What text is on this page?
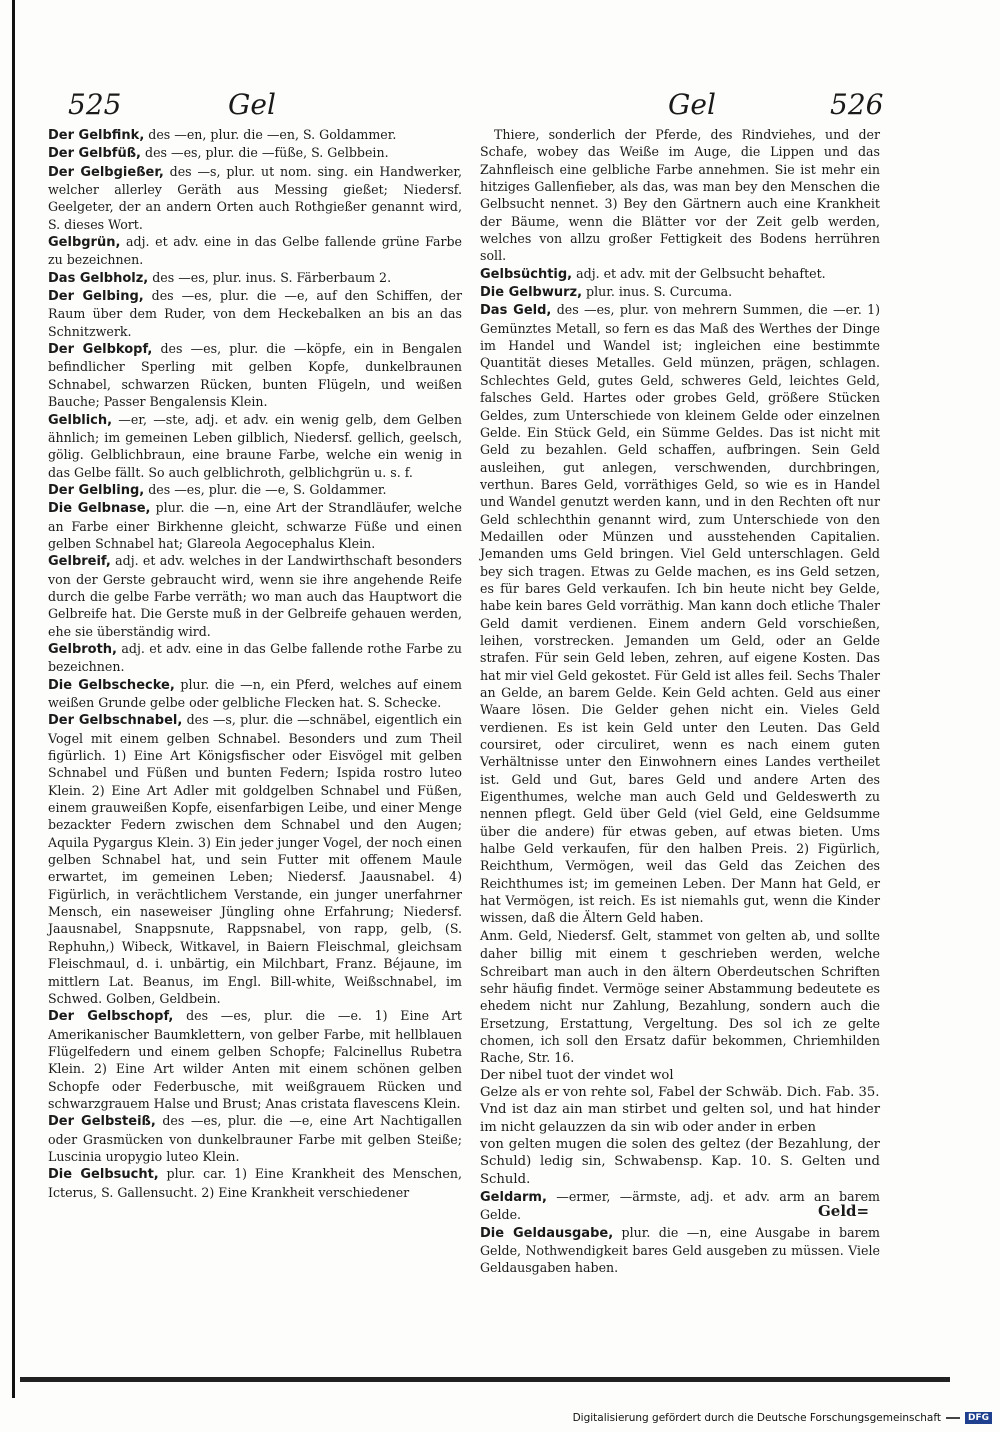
525	Gel	Gel	526

Der Gelbfink, des —en, plur. die —en, S. Goldammer.

Der Gelbfüß, des —es, plur. die —füße, S. Gelbbein.

Der Gelbgießer, des —s, plur. ut nom. sing. ein Handwerker, welcher allerley Geräth aus Messing gießet; Niedersf. Geelgeter, der an andern Orten auch Rothgießer genannt wird, S. dieses Wort.

Gelbgrün, adj. et adv. eine in das Gelbe fallende grüne Farbe zu bezeichnen.

Das Gelbholz, des —es, plur. inus. S. Färberbaum 2.

Der Gelbing, des —es, plur. die —e, auf den Schiffen, der Raum über dem Ruder, von dem Heckebalken an bis an das Schnitzwerk.

Der Gelbkopf, des —es, plur. die —köpfe, ein in Bengalen befindlicher Sperling mit gelben Kopfe, dunkelbraunen Schnabel, schwarzen Rücken, bunten Flügeln, und weißen Bauche; Passer Bengalensis Klein.

Gelblich, —er, —ste, adj. et adv. ein wenig gelb, dem Gelben ähnlich; im gemeinen Leben gilblich, Niedersf. gellich, geelsch, gölig. Gelblichbraun, eine braune Farbe, welche ein wenig in das Gelbe fällt. So auch gelblichroth, gelblichgrün u. s. f.

Der Gelbling, des —es, plur. die —e, S. Goldammer.

Die Gelbnase, plur. die —n, eine Art der Strandläufer, welche an Farbe einer Birkhenne gleicht, schwarze Füße und einen gelben Schnabel hat; Glareola Aegocephalus Klein.

Gelbreif, adj. et adv. welches in der Landwirthschaft besonders von der Gerste gebraucht wird, wenn sie ihre angehende Reife durch die gelbe Farbe verräth; wo man auch das Hauptwort die Gelbreife hat. Die Gerste muß in der Gelbreife gehauen werden, ehe sie überständig wird.

Gelbroth, adj. et adv. eine in das Gelbe fallende rothe Farbe zu bezeichnen.

Die Gelbschecke, plur. die —n, ein Pferd, welches auf einem weißen Grunde gelbe oder gelbliche Flecken hat. S. Schecke.

Der Gelbschnabel, des —s, plur. die —schnäbel, eigentlich ein Vogel mit einem gelben Schnabel. Besonders und zum Theil figürlich. 1) Eine Art Königsfischer oder Eisvögel mit gelben Schnabel und Füßen und bunten Federn; Ispida rostro luteo Klein. 2) Eine Art Adler mit goldgelben Schnabel und Füßen, einem grauweißen Kopfe, eisenfarbigen Leibe, und einer Menge bezackter Federn zwischen dem Schnabel und den Augen; Aquila Pygargus Klein. 3) Ein jeder junger Vogel, der noch einen gelben Schnabel hat, und sein Futter mit offenem Maule erwartet, im gemeinen Leben; Niedersf. Jaausnabel. 4) Figürlich, in verächtlichem Verstande, ein junger unerfahrner Mensch, ein naseweiser Jüngling ohne Erfahrung; Niedersf. Jaausnabel, Snappsnute, Rappsnabel, von rapp, gelb, (S. Rephuhn,) Wibeck, Witkavel, in Baiern Fleischmal, gleichsam Fleischmaul, d. i. unbärtig, ein Milchbart, Franz. Béjaune, im mittlern Lat. Beanus, im Engl. Bill-white, Weißschnabel, im Schwed. Golben, Geldbein.

Der Gelbschopf, des —es, plur. die —e. 1) Eine Art Amerikanischer Baumklettern, von gelber Farbe, mit hellblauen Flügelfedern und einem gelben Schopfe; Falcinellus Rubetra Klein. 2) Eine Art wilder Anten mit einem schönen gelben Schopfe oder Federbusche, mit weißgrauem Rücken und schwarzgrauem Halse und Brust; Anas cristata flavescens Klein.

Der Gelbsteiß, des —es, plur. die —e, eine Art Nachtigallen oder Grasmücken von dunkelbrauner Farbe mit gelben Steiße; Luscinia uropygio luteo Klein.

Die Gelbsucht, plur. car. 1) Eine Krankheit des Menschen, Icterus, S. Gallensucht. 2) Eine Krankheit verschiedener

Thiere, sonderlich der Pferde, des Rindviehes, und der Schafe, wobey das Weiße im Auge, die Lippen und das Zahnfleisch eine gelbliche Farbe annehmen. Sie ist mehr ein hitziges Gallenfieber, als das, was man bey den Menschen die Gelbsucht nennet. 3) Bey den Gärtnern auch eine Krankheit der Bäume, wenn die Blätter vor der Zeit gelb werden, welches von allzu großer Fettigkeit des Bodens herrühren soll.

Gelbsüchtig, adj. et adv. mit der Gelbsucht behaftet.

Die Gelbwurz, plur. inus. S. Curcuma.

Das Geld, des —es, plur. von mehrern Summen, die —er. 1) Gemünztes Metall, so fern es das Maß des Werthes der Dinge im Handel und Wandel ist; ingleichen eine bestimmte Quantität dieses Metalles. Geld münzen, prägen, schlagen. Schlechtes Geld, gutes Geld, schweres Geld, leichtes Geld, falsches Geld. Hartes oder grobes Geld, größere Stücken Geldes, zum Unterschiede von kleinem Gelde oder einzelnen Gelde. Ein Stück Geld, ein Sümme Geldes. Das ist nicht mit Geld zu bezahlen. Geld schaffen, aufbringen. Sein Geld ausleihen, gut anlegen, verschwenden, durchbringen, verthun. Bares Geld, vorräthiges Geld, so wie es in Handel und Wandel genutzt werden kann, und in den Rechten oft nur Geld schlechthin genannt wird, zum Unterschiede von den Medaillen oder Münzen und ausstehenden Capitalien. Jemanden ums Geld bringen. Viel Geld unterschlagen. Geld bey sich tragen. Etwas zu Gelde machen, es ins Geld setzen, es für bares Geld verkaufen. Ich bin heute nicht bey Gelde, habe kein bares Geld vorräthig. Man kann doch etliche Thaler Geld damit verdienen. Einem andern Geld vorschießen, leihen, vorstrecken. Jemanden um Geld, oder an Gelde strafen. Für sein Geld leben, zehren, auf eigene Kosten. Das hat mir viel Geld gekostet. Für Geld ist alles feil. Sechs Thaler an Gelde, an barem Gelde. Kein Geld achten. Geld aus einer Waare lösen. Die Gelder gehen nicht ein. Vieles Geld verdienen. Es ist kein Geld unter den Leuten. Das Geld coursiret, oder circuliret, wenn es nach einem guten Verhältnisse unter den Einwohnern eines Landes vertheilet ist. Geld und Gut, bares Geld und andere Arten des Eigenthumes, welche man auch Geld und Geldeswerth zu nennen pflegt. Geld über Geld (viel Geld, eine Geldsumme über die andere) für etwas geben, auf etwas bieten. Ums halbe Geld verkaufen, für den halben Preis. 2) Figürlich, Reichthum, Vermögen, weil das Geld das Zeichen des Reichthumes ist; im gemeinen Leben. Der Mann hat Geld, er hat Vermögen, ist reich. Es ist niemahls gut, wenn die Kinder wissen, daß die Ältern Geld haben.

Anm. Geld, Niedersf. Gelt, stammet von gelten ab, und sollte daher billig mit einem t geschrieben werden, welche Schreibart man auch in den ältern Oberdeutschen Schriften sehr häufig findet. Vermöge seiner Abstammung bedeutete es ehedem nicht nur Zahlung, Bezahlung, sondern auch die Ersetzung, Erstattung, Vergeltung. Des sol ich ze gelte chomen, ich soll den Ersatz dafür bekommen, Chriemhilden Rache, Str. 16.

Der nibel tuot der vindet wol

Gelze als er von rehte sol, Fabel der Schwäb. Dich. Fab. 35.

Vnd ist daz ain man stirbet und gelten sol, und hat hinder im nicht gelauzzen da sin wib oder ander in erben

von gelten mugen die solen des geltez (der Bezahlung, der Schuld) ledig sin, Schwabensp. Kap. 10. S. Gelten und Schuld.

Geldarm, —ermer, —ärmste, adj. et adv. arm an barem Gelde.

Die Geldausgabe, plur. die —n, eine Ausgabe in barem Gelde, Nothwendigkeit bares Geld ausgeben zu müssen. Viele Geldausgaben haben.

Geld=
Digitalisierung gefördert durch die Deutsche Forschungsgemeinschaft	DFG
